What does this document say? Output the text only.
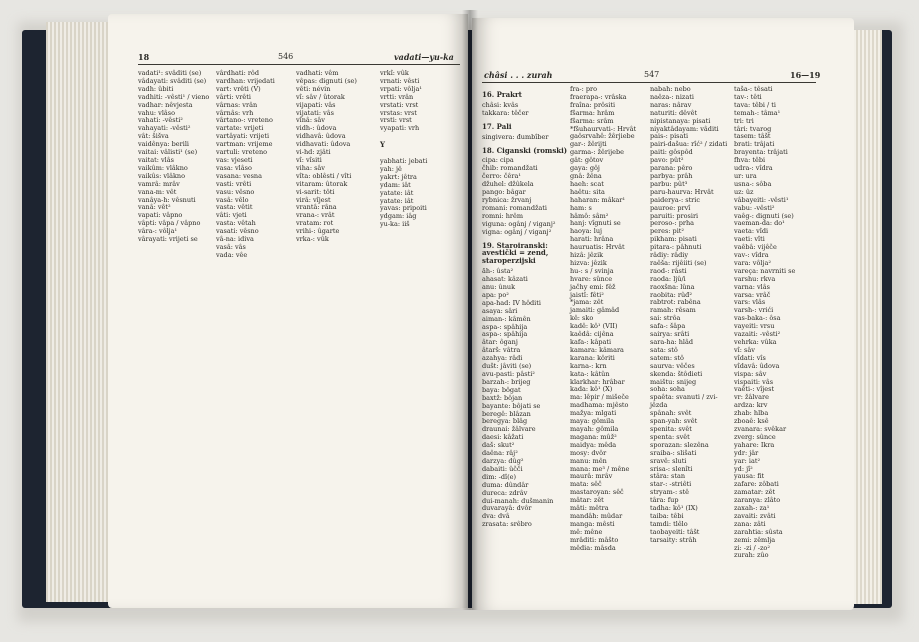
18	546	vadati—yu-ka
vadati¹: svâditi (se)
vâdayati: svâditi (se)
vadh: ûbiti
vadhiti: -vêsti¹ / vieno
vadhar: nêvjesta
vahu: vlâso
vahati: -vêsti²
vahayati: -vêsti²
vât: šišva
vaidênya: berili
vaitai: vâlisti¹ (se)
vaitat: vlâs
vaikûm: vlâkno
vaikûs: vlâkno
vamrâ: mrâv
vana-m: vêt
vanâya-h: vêsnuti
vanâ: vêt²
vapati: vâpno
vâpti: vâpa / vâpno
vâra-: vôlja¹
vârayati: vrijeti se
vârdhati: rôd
vardhan: vrijedati
vart: vrêti (V)
vârti: vrêti
vârnas: vrân
vârnâs: vrh
vârtano-: vreteno
vartate: vrijeti
vartâyati: vrijeti
vartman: vrijeme
vartuli: vreteno
vas: vjeseti
vasa: vlâso
vasana: vesna
vasti: vrêti
vasu: vêsno
vasâ: vêlo
vasta: vêtit
vâti: vjeti
vasta: vêtah
vasati: vêsno
vâ-na: idiva
vasâ: vâs
vada: vêe
vadhati: vêm
vêpas: dignuti (se)
vêti: névin
vî: sâv / ûtorak
vijapati: vâs
vijatati: vâs
vînâ: sâv
vidh-: ûdova
vidhavâ: ûdova
vidhavati: ûdova
vi-hd: zjâti
vî: vîsiti
viha: sâv
vîta: oblêsti / vîti
vitaram: ûtorak
vi-sarit: tôti
virâ: vîjest
vrantâ: râna
vrana-: vrât
vratam: rot
vrihi-: ûgarte
vrka-: vûk
vrkî: vûk
vrnati: vêsti
vrpati: vôlja¹
vrtti: vrân
vrstati: vrst
vrstas: vrst
vrsti: vrst
vyapati: vrh

Y

yabhati: jebati
yah: jê
yakrt: jêtra
ydam: iât
yatate: iât
yatate: iât
yavas: pripoiti
ydgam: iâg
yu-ka: iiš
châsi . . . zurah	547	16—19
16. Prakrt
châsi: kvâs
takkara: têčer
17. Pali
singivera: đumbîber
18. Ciganski (romski)
cipa: cipa
čhib: romandžati
čerro: čêra¹
džuhel: džûkela
pango: bâgar
rybnica: žrvanj
romani: romandžati
romni: hrêm
viguna: ogânj / viganj²
vigna: ogânj / viganj²
19. Staroiranski: avestički = zend, staroperzijski
ăh-: ûsta²
ahasat: kâzati
anu: ûnuk
apa: po²
apa-had: IV hôditi
asaya: sâri
aiman-: kâmên
aspa-: spâhija
aspa-: spâhija
âtar: ôganj
âtarš: vâtra
azahya: râdi
dušt: jâviti (se)
avu-pasti: pâsti²
barzah-: brijeg
baya: bôgat
baxtž: bôjan
bayante: bôjati se
beregê: blâzan
beregya: blâg
draunai: žâlvare
daesi: kâžati
daš: skut²
daêna: râj²
darzya: dûg²
dabaiti: ûčči
dim: -dî(e)
duma: dûndâr
dureca: zdrâv
dui-manah: dušmanin
duvarayâ: dvôr
dva: dvâ
zrasata: srêbro
fra-: pro
fraerapa-: vrâska
fraîna: prôsiti
fšarma: hrâm
fšarma: srâm
*fšuhaurvati-: Hrvât
gaôsrvahê: žêrjiebe
gar-: žêrijti
garma-: žêrijebe
gât: gôtov
gaya: gôj
gnâ: žêna
haeh: scat
haêtu: sita
haharan: mâkar¹
ham: s
hâmô: sâm²
hanj: vîgnuti se
haoya: luj
harati: hrâna
hauruatis: Hrvât
hizâ: jêzik
hizva: jêzik
hu-: s / svinja
hvare: sûnce
jačhy emi: fêž
jaistî: fêti²
*jama: zêt
jamaiti: gâmâd
kê: sko
kadê: kô¹ (VII)
kaêdâ: cijêna
kafa-: kâpati
kamara: kâmara
karana: kôriti
karna-: krn
kata-: kâtûn
klarkhar: hrâbar
kada: kô¹ (X)
ma: lêpir / mišeče
madhama: mjêsto
mažya: mlgati
maya: gômila
mayah: gômila
magana: mûž²
maidya: mêda
mosy: dvôr
manu: mên
mana: me³ / mêne
maurâ: mrâv
mata: sêč
mastaroyan: sêč
mâtar: zêt
mâti: mêtra
mandâh: mûdar
manga: mêsti
mê: mêne
mrâditi: mâšto
mêdia: mâsda
nabah: nebo
naêza-: nizati
naras: nârav
naturiti: dêvêt
nipistanaya: pisati
niyaktâdayam: vâditi
pais-: pisati
pairi-dašua: rîć² / zidati
paiti: gôspôd
pavo: pût²
parana: pêro
parbya: prâh
parbu: pût³
paru-haurva: Hrvât
paiderya-: stric
pauroe: prvî
paruiti: prosiri
peroso-: prha
peres: pit²
pikham: pisati
pitara-: pâhnuti
râdiy: râdiy
raêša: rijêiiti (se)
raod-: râsti
raoda: ljû/i
raoxšna: lûna
raobita: rûđ²
rabtrot: rabêna
ramah: rêsam
sai: strôa
safa-: šâpa
sairya: srâti
sara-ha: hlâd
sata: stô
satem: stô
saurva: vêčes
skenda: štôdieti
maištu: snijeg
soha: soha
spaêta: svanuti / zvi-
jêzda
spânah: svêt
span-yah: svêt
spenita: svêt
spenta: svêt
sporazan: slezêna
sraiba-: slišati
sravê: sluti
srisa-: slenîti
stâra: stan
star-: -striêti
stryam-: stê
târa: fup
tadha: kô¹ (IX)
taiba: têbi
tamdi: tlêlo
taobayeiti: tâšt
tarsaity: strâh
taša-: têsati
tav-: têti
tava: têbi / ti
temah-: tâma¹
tri: tri
târi: tvarog
tasem: tâšt
brati: trâjati
brayenta: trâjati
fhva: têbi
udra-: vîdra
ur: ura
usna-: sôba
uz: ûz
vâbayeiti: -vêsti¹
vabu: -vêsti²
vaêg-: dignuti (se)
vaeman-da: do¹
vaeta: vîdi
vaeti: vîti
vaêbâ: vijêče
vav-: vîdra
vara: vôlja²
vareça: navrniti se
varshu: rkva
varna: vlâs
varsa: vrâč
vars: vlâs
varsh-: vrići
vas-baka-: ôsa
vayeiti: vrsu
vazaiti: -vêsti²
vehrka: vûka
vî: sâv
vîdati: vîs
vîdavâ: ûdova
vispa: sâv
vispaiti: vâs
vaêti-: vîjest
vr: žâlvare
ardza: krv
zhab: hlba
zboaê: ksê
zvanara: svêkar
zverg: sûnce
yahare: Ikra
ydr: jâr
yar: iat²
yd: jî²
yausa: fit
zafare: zôbati
zamatar: zêt
zaranya: zlâto
zaxah-: za¹
zavaiti: zvâti
zana: zâti
zarahtia: sûsta
zemi: zêmlja
zi: -zi / -zo²
zurah: zûo
